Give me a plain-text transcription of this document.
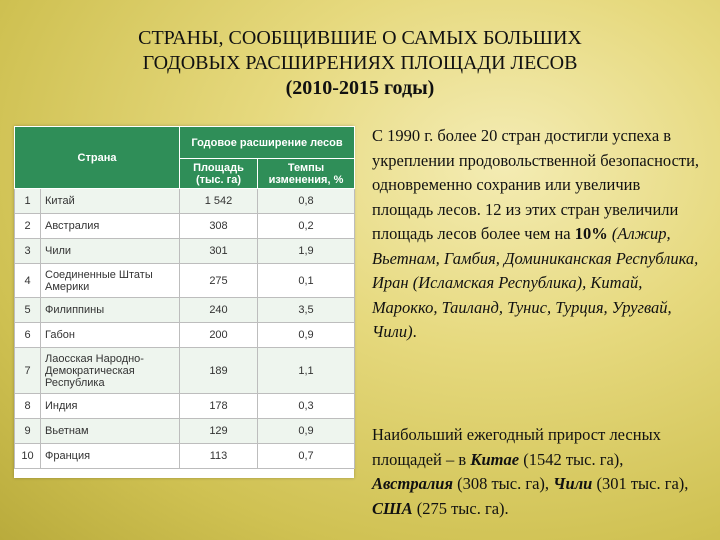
СТРАНЫ, СООБЩИВШИЕ О САМЫХ БОЛЬШИХ
ГОДОВЫХ РАСШИРЕНИЯХ ПЛОЩАДИ ЛЕСОВ
(2010-2015 годы)
Страна		Годовое расширение лесов	
		Площадь (тыс. га)	Темпы изменения, %
1	Китай	1 542	0,8
2	Австралия	308	0,2
3	Чили	301	1,9
4	Соединенные Штаты Америки	275	0,1
5	Филиппины	240	3,5
6	Габон	200	0,9
7	Лаосская Народно-Демократическая Республика	189	1,1
8	Индия	178	0,3
9	Вьетнам	129	0,9
10	Франция	113	0,7
С 1990 г. более 20 стран достигли успеха в укреплении продовольственной безопасности, одновременно сохранив или увеличив площадь лесов. 12 из этих стран увеличили площадь лесов более чем на 10% (Алжир, Вьетнам, Гамбия, Доминиканская Республика, Иран (Исламская Республика), Китай, Марокко, Таиланд, Тунис, Турция, Уругвай, Чили).
Наибольший ежегодный прирост лесных площадей – в Китае (1542 тыс. га), Австралия (308 тыс. га), Чили (301 тыс. га), США (275 тыс. га).
